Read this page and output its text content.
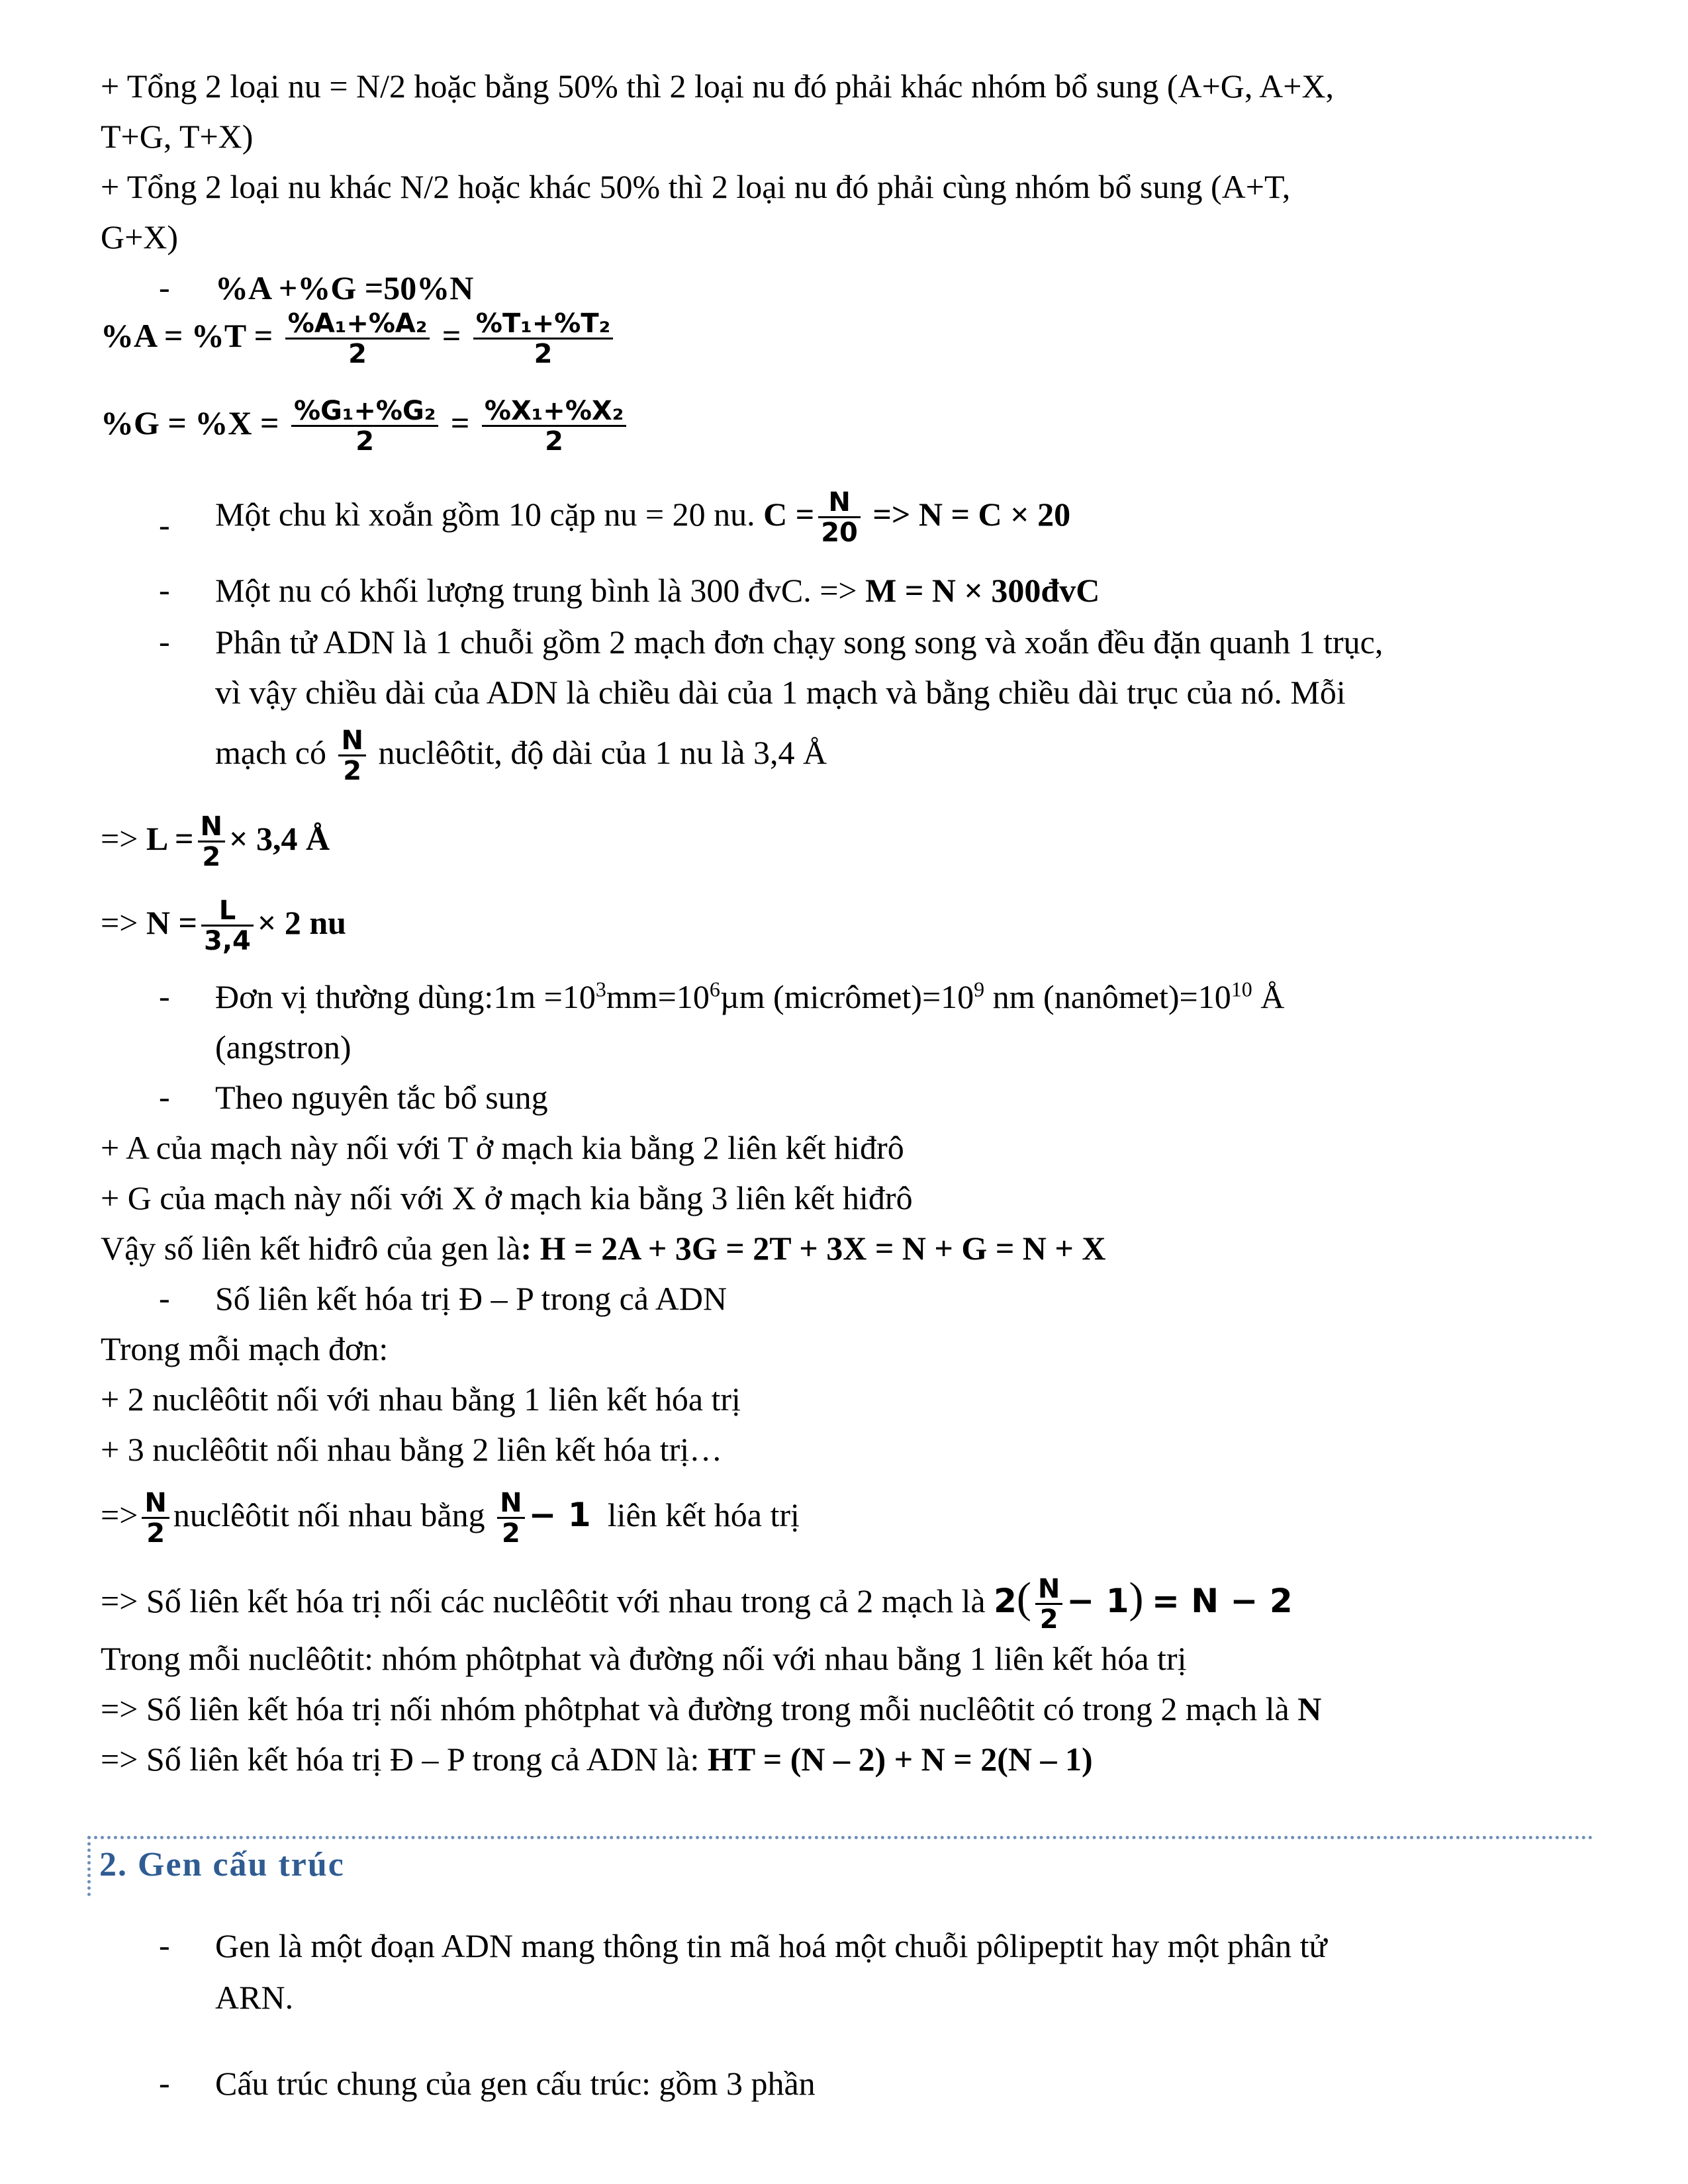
+ Tổng 2 loại nu = N/2 hoặc bằng 50% thì 2 loại nu đó phải khác nhóm bổ sung (A+G, A+X,
T+G, T+X)
+ Tổng 2 loại nu khác N/2 hoặc khác 50% thì 2 loại nu đó phải cùng nhóm bổ sung (A+T,
G+X)
- %A +%G =50%N
$\%A = \%T = \frac{\text{\%A₁+\%A₂}}{2} = \frac{\text{\%T₁+\%T₂}}{2}$
$\%G = \%X = \frac{\text{\%G₁+\%G₂}}{2} = \frac{\text{\%X₁+\%X₂}}{2}$
- Một chu kì xoắn gồm 10 cặp nu = 20 nu. $C = \frac{N}{20} => N = C \times 20$
- Một nu có khối lượng trung bình là 300 đvC. => M = N × 300đvC
- Phân tử ADN là 1 chuỗi gồm 2 mạch đơn chạy song song và xoắn đều đặn quanh 1 trục,
vì vậy chiều dài của ADN là chiều dài của 1 mạch và bằng chiều dài trục của nó. Mỗi
mạch có $\frac{N}{2}$ nuclêôtit, độ dài của 1 nu là 3,4 Å
=> $L = \frac{N}{2} \times 3,4$ Å
=> $N = \frac{L}{3,4} \times 2$ nu
- Đơn vị thường dùng:1m $=10^3mm=10^6\mu m$ $(micrômet)=10^9$ nm $(nanômet)=10^{10}$ Å
(angstron)
- Theo nguyên tắc bổ sung
+ A của mạch này nối với T ở mạch kia bằng 2 liên kết hiđrô
+ G của mạch này nối với X ở mạch kia bằng 3 liên kết hiđrô
Vậy số liên kết hiđrô của gen là: H = 2A + 3G = 2T + 3X = N + G = N + X
- Số liên kết hóa trị Đ – P trong cả ADN
Trong mỗi mạch đơn:
+ 2 nuclêôtit nối với nhau bằng 1 liên kết hóa trị
+ 3 nuclêôtit nối nhau bằng 2 liên kết hóa trị…
=> $\frac{N}{2}$ nuclêôtit nối nhau bằng $\frac{N}{2} - 1$ liên kết hóa trị
=> Số liên kết hóa trị nối các nuclêôtit với nhau trong cả 2 mạch là $2( \frac{N}{2} - 1) = N - 2$
Trong mỗi nuclêôtit: nhóm phôtphat và đường nối với nhau bằng 1 liên kết hóa trị
=> Số liên kết hóa trị nối nhóm phôtphat và đường trong mỗi nuclêôtit có trong 2 mạch là N
=> Số liên kết hóa trị Đ – P trong cả ADN là: HT = (N – 2) + N = 2(N – 1)
2. Gen cấu trúc
- Gen là một đoạn ADN mang thông tin mã hoá một chuỗi pôlipeptit hay một phân tử
ARN.
- Cấu trúc chung của gen cấu trúc: gồm 3 phần
